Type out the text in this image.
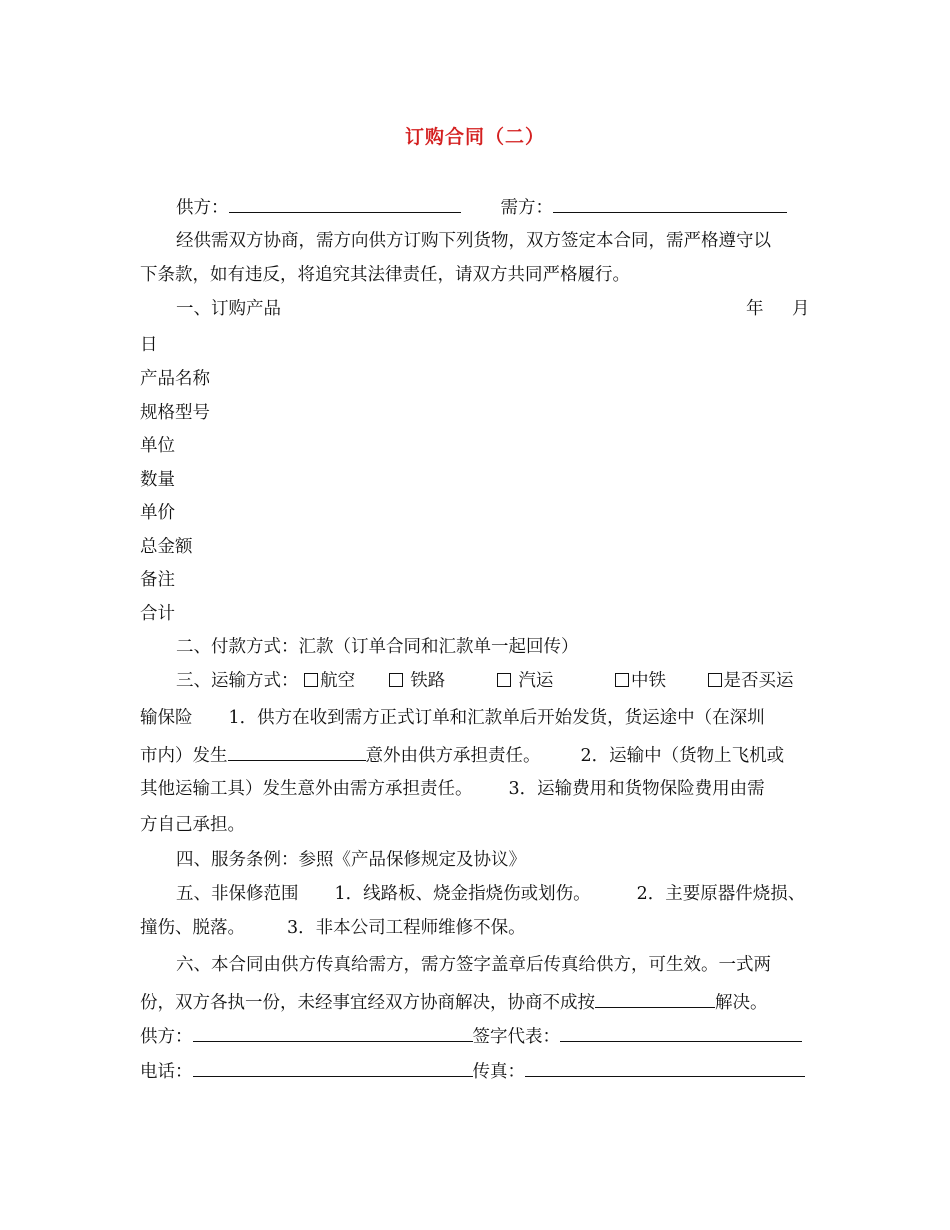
订购合同（二）
供方：	需方：
经供需双方协商，需方向供方订购下列货物，双方签定本合同，需严格遵守以
下条款，如有违反，将追究其法律责任，请双方共同严格履行。
一、订购产品	年 月
日
产品名称
规格型号
单位
数量
单价
总金额
备注
合计
二、付款方式：汇款（订单合同和汇款单一起回传）
三、运输方式： 航空	铁路	汽运	中铁	是否买运
输保险 1．供方在收到需方正式订单和汇款单后开始发货，货运途中（在深圳
市内）发生	意外由供方承担责任。 2．运输中（货物上飞机或
其他运输工具）发生意外由需方承担责任。 3．运输费用和货物保险费用由需
方自己承担。
四、服务条例：参照《产品保修规定及协议》
五、非保修范围 1．线路板、烧金指烧伤或划伤。	2．主要原器件烧损、
撞伤、脱落。 3．非本公司工程师维修不保。
六、本合同由供方传真给需方，需方签字盖章后传真给供方，可生效。一式两
份，双方各执一份，未经事宜经双方协商解决，协商不成按	解决。
供方：	签字代表：
电话：	传真：
